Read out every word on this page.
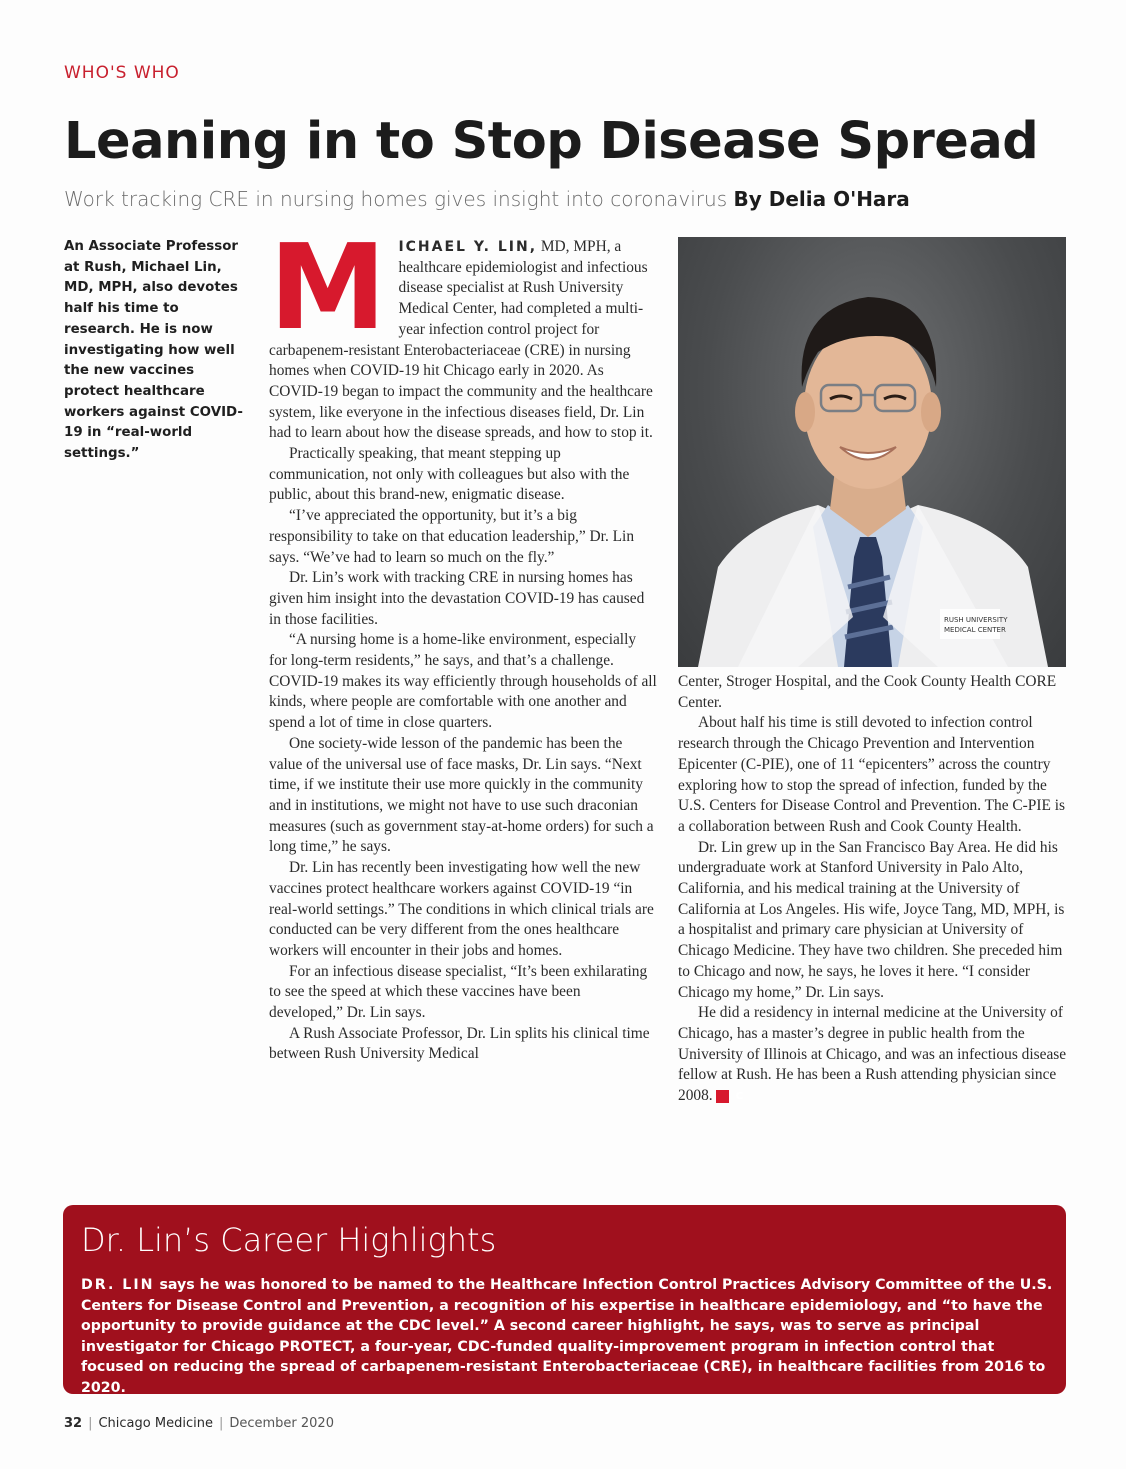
WHO'S WHO
Leaning in to Stop Disease Spread
Work tracking CRE in nursing homes gives insight into coronavirus By Delia O'Hara
An Associate Professor at Rush, Michael Lin, MD, MPH, also devotes half his time to research. He is now investigating how well the new vaccines protect healthcare workers against COVID-19 in “real-world settings.”
M ICHAEL Y. LIN, MD, MPH, a healthcare epidemiologist and infectious disease specialist at Rush University Medical Center, had completed a multi-year infection control project for carbapenem-resistant Enterobacteriaceae (CRE) in nursing homes when COVID-19 hit Chicago early in 2020. As COVID-19 began to impact the community and the healthcare system, like everyone in the infectious diseases field, Dr. Lin had to learn about how the disease spreads, and how to stop it.

Practically speaking, that meant stepping up communication, not only with colleagues but also with the public, about this brand-new, enigmatic disease.

“I’ve appreciated the opportunity, but it’s a big responsibility to take on that education leadership,” Dr. Lin says. “We’ve had to learn so much on the fly.”

Dr. Lin’s work with tracking CRE in nursing homes has given him insight into the devastation COVID-19 has caused in those facilities.

“A nursing home is a home-like environment, especially for long-term residents,” he says, and that’s a challenge. COVID-19 makes its way efficiently through households of all kinds, where people are comfortable with one another and spend a lot of time in close quarters.

One society-wide lesson of the pandemic has been the value of the universal use of face masks, Dr. Lin says. “Next time, if we institute their use more quickly in the community and in institutions, we might not have to use such draconian measures (such as government stay-at-home orders) for such a long time,” he says.

Dr. Lin has recently been investigating how well the new vaccines protect healthcare workers against COVID-19 “in real-world settings.” The conditions in which clinical trials are conducted can be very different from the ones healthcare workers will encounter in their jobs and homes.

For an infectious disease specialist, “It’s been exhilarating to see the speed at which these vaccines have been developed,” Dr. Lin says.

A Rush Associate Professor, Dr. Lin splits his clinical time between Rush University Medical

RUSH UNIVERSITY
MEDICAL CENTER

Center, Stroger Hospital, and the Cook County Health CORE Center.

About half his time is still devoted to infection control research through the Chicago Prevention and Intervention Epicenter (C-PIE), one of 11 “epicenters” across the country exploring how to stop the spread of infection, funded by the U.S. Centers for Disease Control and Prevention. The C-PIE is a collaboration between Rush and Cook County Health.

Dr. Lin grew up in the San Francisco Bay Area. He did his undergraduate work at Stanford University in Palo Alto, California, and his medical training at the University of California at Los Angeles. His wife, Joyce Tang, MD, MPH, is a hospitalist and primary care physician at University of Chicago Medicine. They have two children. She preceded him to Chicago and now, he says, he loves it here. “I consider Chicago my home,” Dr. Lin says.

He did a residency in internal medicine at the University of Chicago, has a master’s degree in public health from the University of Illinois at Chicago, and was an infectious disease fellow at Rush. He has been a Rush attending physician since 2008. C

Dr. Lin’s Career Highlights
DR. LIN says he was honored to be named to the Healthcare Infection Control Practices Advisory Committee of the U.S. Centers for Disease Control and Prevention, a recognition of his expertise in healthcare epidemiology, and “to have the opportunity to provide guidance at the CDC level.” A second career highlight, he says, was to serve as principal investigator for Chicago PROTECT, a four-year, CDC-funded quality-improvement program in infection control that focused on reducing the spread of carbapenem-resistant Enterobacteriaceae (CRE), in healthcare facilities from 2016 to 2020.
32 | Chicago Medicine | December 2020
